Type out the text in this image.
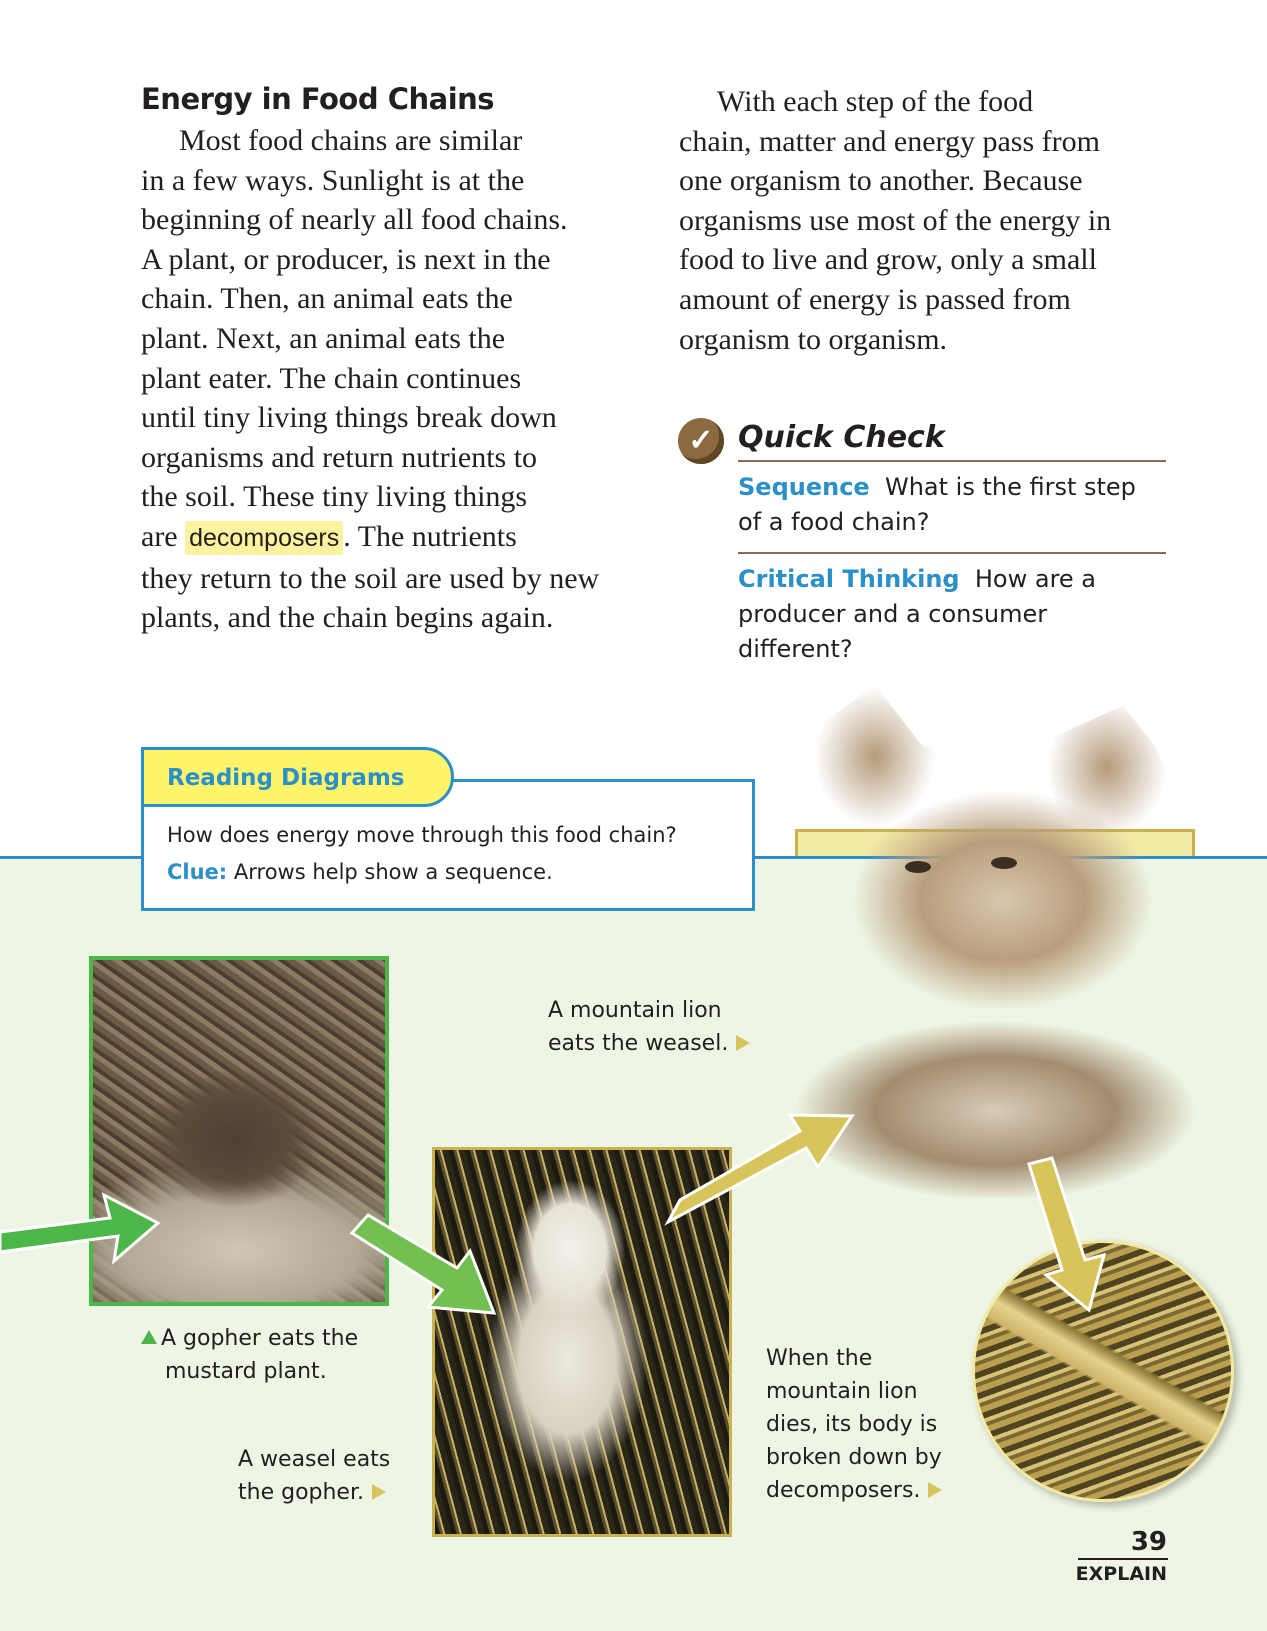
Energy in Food Chains
Most food chains are similar
in a few ways. Sunlight is at the
beginning of nearly all food chains.
A plant, or producer, is next in the
chain. Then, an animal eats the
plant. Next, an animal eats the
plant eater. The chain continues
until tiny living things break down
organisms and return nutrients to
the soil. These tiny living things
are decomposers . The nutrients
they return to the soil are used by new
plants, and the chain begins again.
With each step of the food
chain, matter and energy pass from
one organism to another. Because
organisms use most of the energy in
food to live and grow, only a small
amount of energy is passed from
organism to organism.
✓ Quick Check

Sequence What is the first step
of a food chain?

Critical Thinking How are a
producer and a consumer different?

Reading Diagrams

How does energy move through this food chain?

Clue: Arrows help show a sequence.

A gopher eats the
mustard plant.

A weasel eats
the gopher.

A mountain lion
eats the weasel.

When the
mountain lion
dies, its body is
broken down by
decomposers.

39

EXPLAIN
